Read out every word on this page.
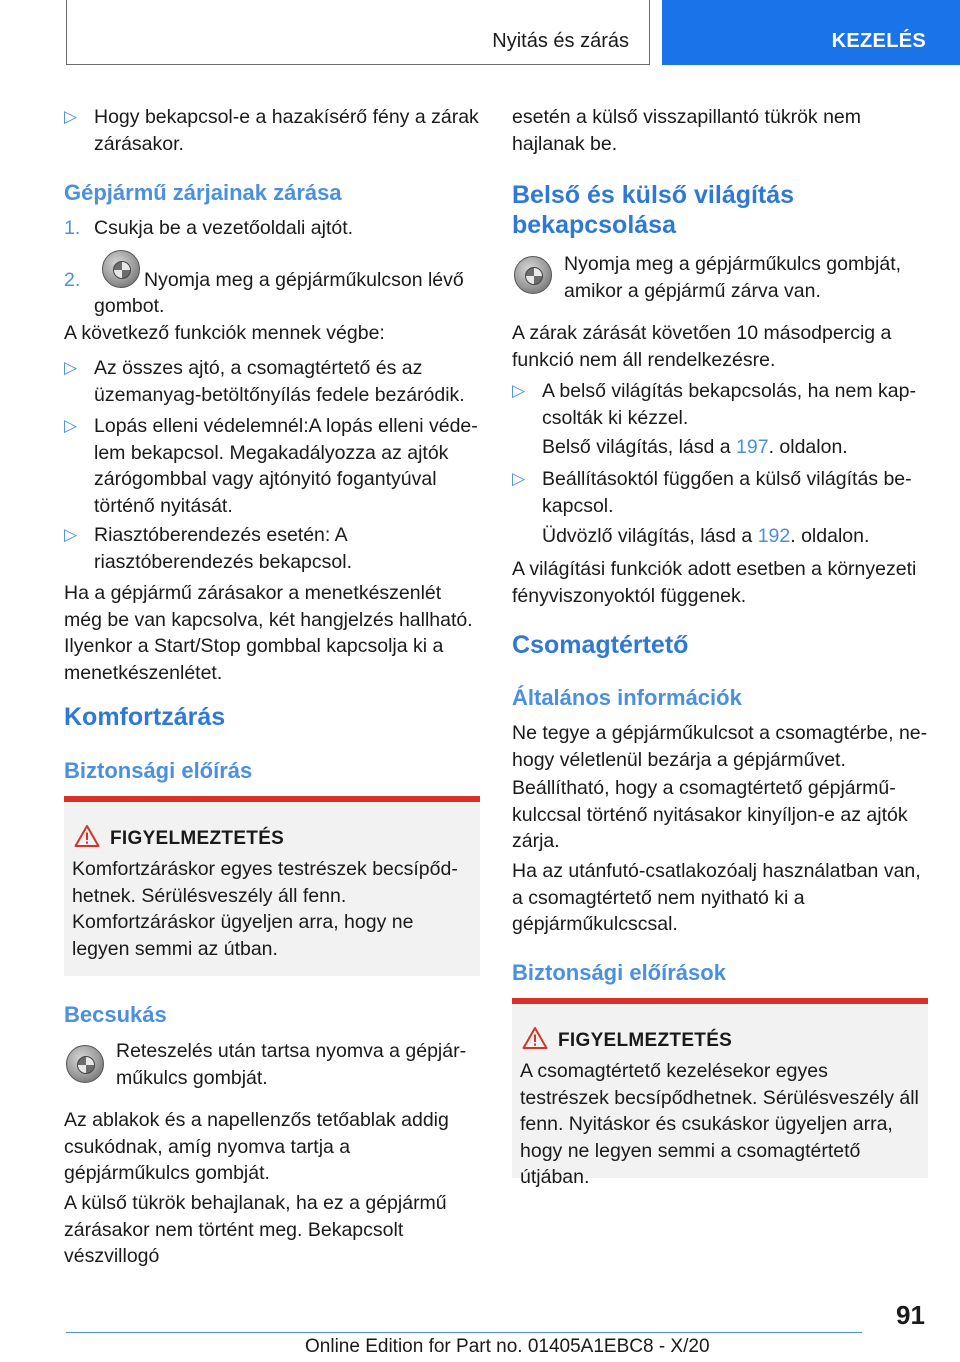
Nyitás és zárás	KEZELÉS
▷ Hogy bekapcsol-e a hazakísérő fény a zárak zárásakor.
Gépjármű zárjainak zárása
1. Csukja be a vezetőoldali ajtót.
2.	Nyomja meg a gépjárműkulcson lévő
gombot.
A következő funkciók mennek végbe:
▷ Az összes ajtó, a csomagtértető és az üzemanyag-betöltőnyílás fedele bezáródik.
▷ Lopás elleni védelemnél:A lopás elleni védelem bekapcsol. Megakadályozza az ajtók zárógombbal vagy ajtónyitó fogantyúval történő nyitását.
▷ Riasztóberendezés esetén: A riasztóberendezés bekapcsol.
Ha a gépjármű zárásakor a menetkészenlét még be van kapcsolva, két hangjelzés hallható. Ilyenkor a Start/Stop gombbal kapcsolja ki a menetkészenlétet.
Komfortzárás
Biztonsági előírás
FIGYELMEZTETÉS
Komfortzáráskor egyes testrészek becsípődhetnek. Sérülésveszély áll fenn. Komfortzáráskor ügyeljen arra, hogy ne legyen semmi az útban.
Becsukás
Reteszelés után tartsa nyomva a gépjárműkulcs gombját.
Az ablakok és a napellenzős tetőablak addig csukódnak, amíg nyomva tartja a gépjárműkulcs gombját.
A külső tükrök behajlanak, ha ez a gépjármű zárásakor nem történt meg. Bekapcsolt vészvillogó
esetén a külső visszapillantó tükrök nem hajlanak be.
Belső és külső világítás bekapcsolása
Nyomja meg a gépjárműkulcs gombját, amikor a gépjármű zárva van.
A zárak zárását követően 10 másodpercig a funkció nem áll rendelkezésre.
▷ A belső világítás bekapcsolás, ha nem kapcsolták ki kézzel.
Belső világítás, lásd a 197. oldalon.
▷ Beállításoktól függően a külső világítás bekapcsol.
Üdvözlő világítás, lásd a 192. oldalon.
A világítási funkciók adott esetben a környezeti fényviszonyoktól függenek.
Csomagtértető
Általános információk
Ne tegye a gépjárműkulcsot a csomagtérbe, nehogy véletlenül bezárja a gépjárművet.
Beállítható, hogy a csomagtértető gépjárműkulccsal történő nyitásakor kinyíljon-e az ajtók zárja.
Ha az utánfutó-csatlakozóalj használatban van, a csomagtértető nem nyitható ki a gépjárműkulcscsal.
Biztonsági előírások
FIGYELMEZTETÉS
A csomagtértető kezelésekor egyes testrészek becsípődhetnek. Sérülésveszély áll fenn. Nyitáskor és csukáskor ügyeljen arra, hogy ne legyen semmi a csomagtértető útjában.
91
Online Edition for Part no. 01405A1EBC8 - X/20
